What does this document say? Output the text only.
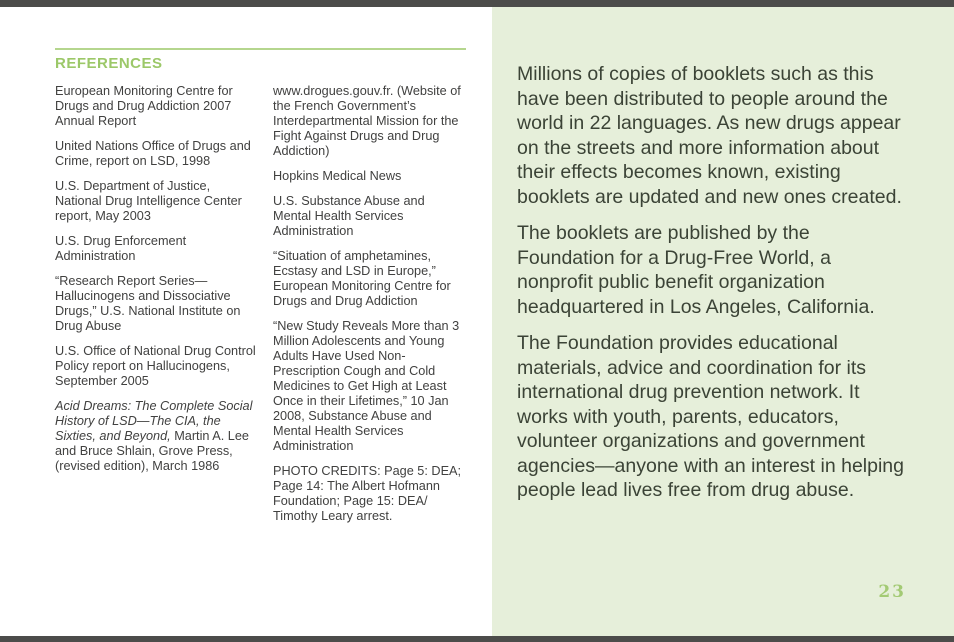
REFERENCES

European Monitoring Centre for Drugs and Drug Addiction 2007 Annual Report

United Nations Office of Drugs and Crime, report on LSD, 1998

U.S. Department of Justice, National Drug Intelligence Center report, May 2003

U.S. Drug Enforcement Administration

“Research Report Series—Hallucinogens and Dissociative Drugs,” U.S. National Institute on Drug Abuse

U.S. Office of National Drug Control Policy report on Hallucinogens, September 2005

Acid Dreams: The Complete Social History of LSD—The CIA, the Sixties, and Beyond, Martin A. Lee and Bruce Shlain, Grove Press, (revised edition), March 1986

www.drogues.gouv.fr. (Website of the French Government’s Interdepartmental Mission for the Fight Against Drugs and Drug Addiction)

Hopkins Medical News

U.S. Substance Abuse and Mental Health Services Administration

“Situation of amphetamines, Ecstasy and LSD in Europe,” European Monitoring Centre for Drugs and Drug Addiction

“New Study Reveals More than 3 Million Adolescents and Young Adults Have Used Non-Prescription Cough and Cold Medicines to Get High at Least Once in their Lifetimes,” 10 Jan 2008, Substance Abuse and Mental Health Services Administration

PHOTO CREDITS: Page 5: DEA; Page 14: The Albert Hofmann Foundation; Page 15: DEA/ Timothy Leary arrest.

Millions of copies of booklets such as this have been distributed to people around the world in 22 languages. As new drugs appear on the streets and more information about their effects becomes known, existing booklets are updated and new ones created.

The booklets are published by the Foundation for a Drug-Free World, a nonprofit public benefit organization headquartered in Los Angeles, California.

The Foundation provides educational materials, advice and coordination for its international drug prevention network. It works with youth, parents, educators, volunteer organizations and government agencies—anyone with an interest in helping people lead lives free from drug abuse.

23
